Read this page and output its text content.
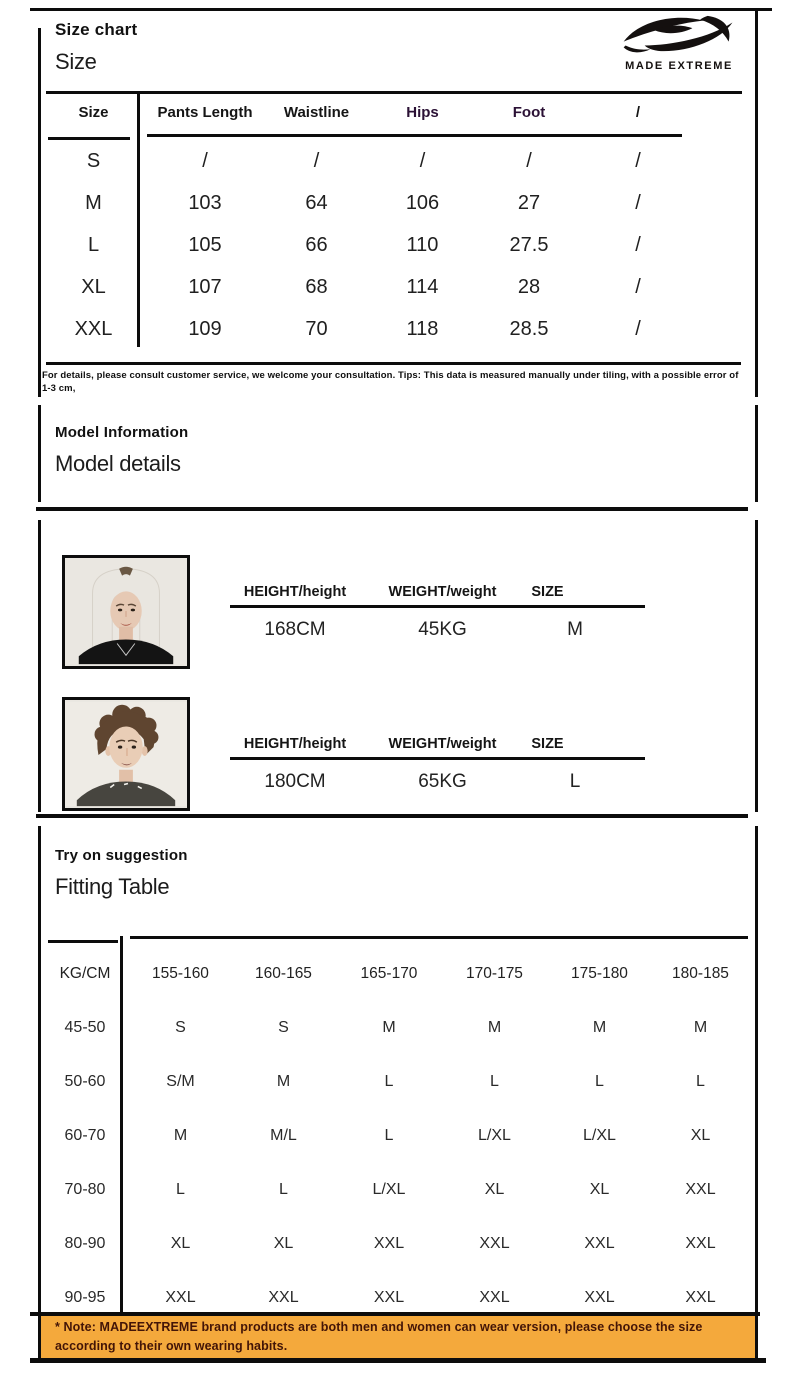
Size chart
Size	MADE EXTREME
Size	Pants Length	Waistline	Hips	Foot	/
S	/	/	/	/	/
M	103	64	106	27	/
L	105	66	110	27.5	/
XL	107	68	114	28	/
XXL	109	70	118	28.5	/
For details, please consult customer service, we welcome your consultation. Tips: This data is measured manually under tiling, with a possible error of 1-3 cm,
Model Information
Model details
HEIGHT/height	WEIGHT/weight	SIZE
168CM	45KG	M
HEIGHT/height	WEIGHT/weight	SIZE
180CM	65KG	L
Try on suggestion
Fitting Table
KG/CM	155-160	160-165	165-170	170-175	175-180	180-185
45-50	S	S	M	M	M	M
50-60	S/M	M	L	L	L	L
60-70	M	M/L	L	L/XL	L/XL	XL
70-80	L	L	L/XL	XL	XL	XXL
80-90	XL	XL	XXL	XXL	XXL	XXL
90-95	XXL	XXL	XXL	XXL	XXL	XXL
* Note: MADEEXTREME brand products are both men and women can wear version, please choose the size according to their own wearing habits.
